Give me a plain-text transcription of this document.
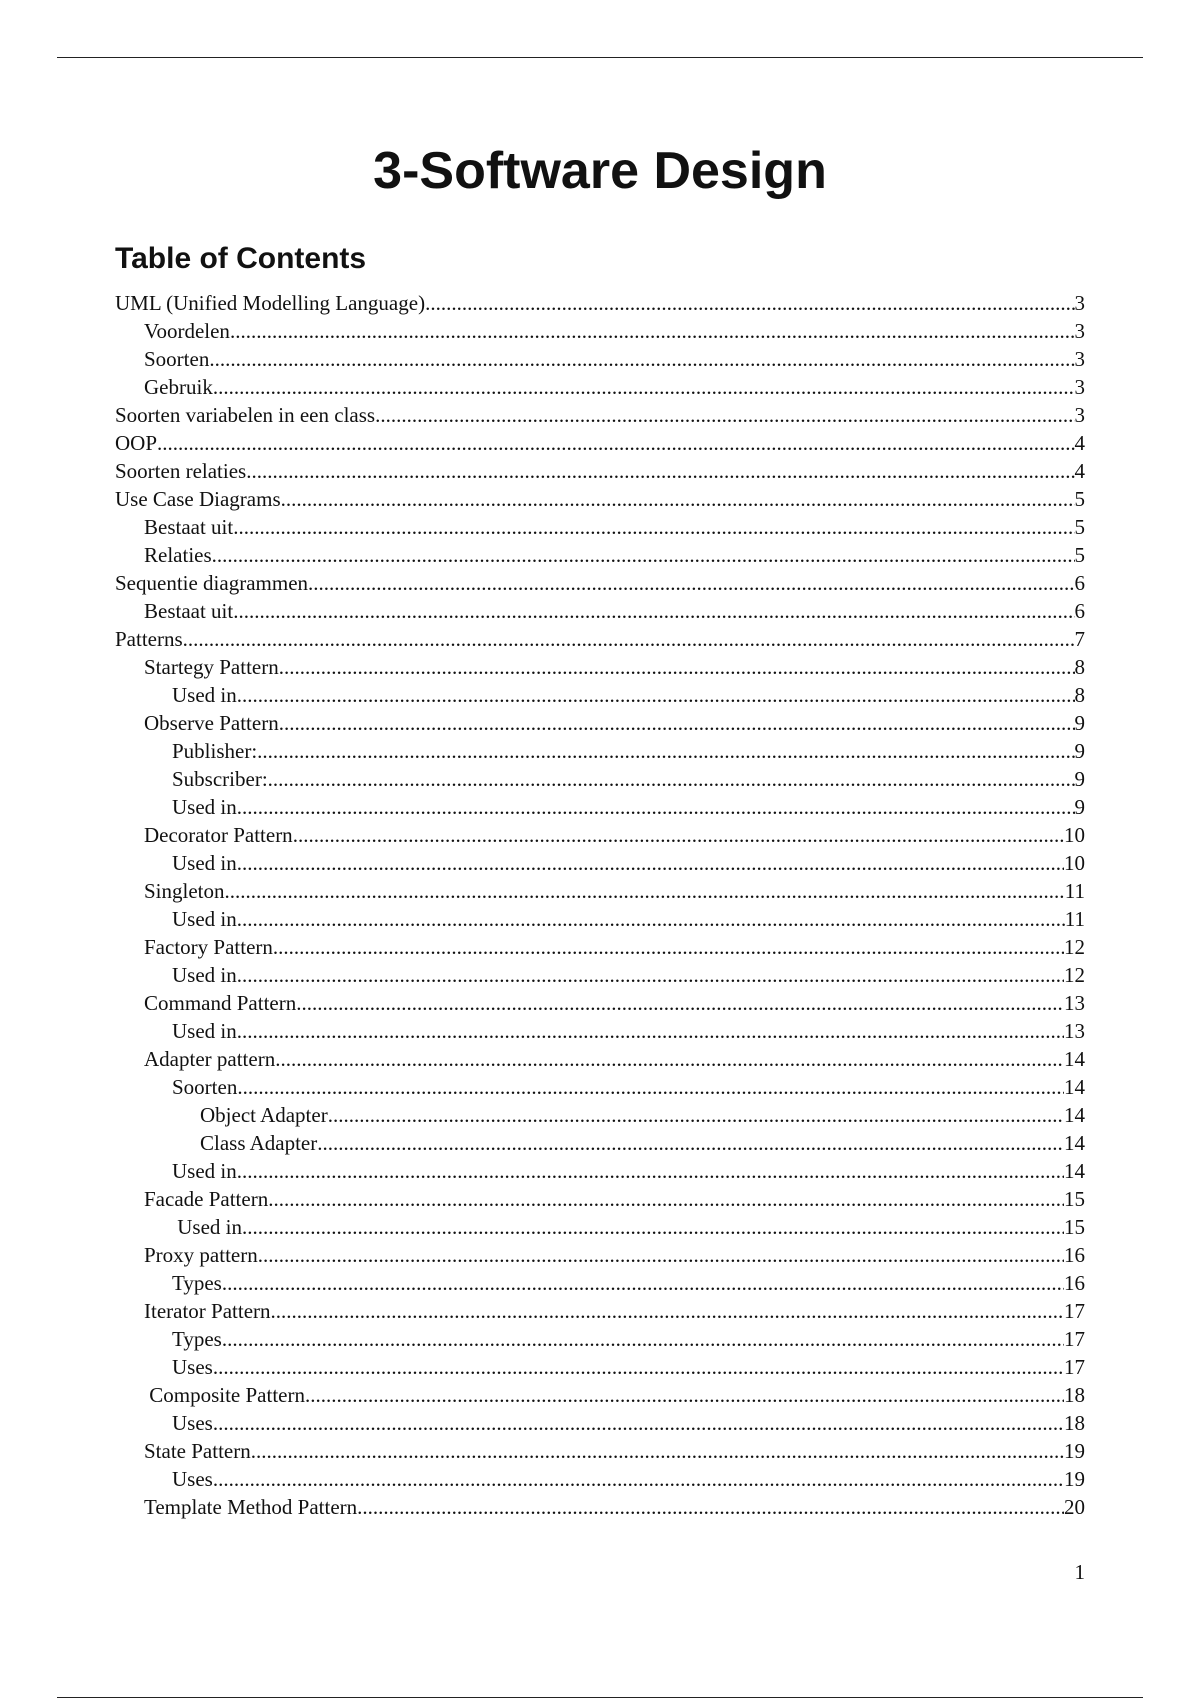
3-Software Design
Table of Contents
UML (Unified Modelling Language) .....	3
Voordelen .....	3
Soorten .....	3
Gebruik .....	3
Soorten variabelen in een class .....	3
OOP .....	4
Soorten relaties .....	4
Use Case Diagrams .....	5
Bestaat uit .....	5
Relaties .....	5
Sequentie diagrammen .....	6
Bestaat uit .....	6
Patterns .....	7
Startegy Pattern .....	8
Used in .....	8
Observe Pattern .....	9
Publisher: .....	9
Subscriber: .....	9
Used in .....	9
Decorator Pattern .....	10
Used in .....	10
Singleton .....	11
Used in .....	11
Factory Pattern .....	12
Used in .....	12
Command Pattern .....	13
Used in .....	13
Adapter pattern .....	14
Soorten .....	14
Object Adapter .....	14
Class Adapter .....	14
Used in .....	14
Facade Pattern .....	15
Used in .....	15
Proxy pattern .....	16
Types .....	16
Iterator Pattern .....	17
Types .....	17
Uses .....	17
Composite Pattern .....	18
Uses .....	18
State Pattern .....	19
Uses .....	19
Template Method Pattern .....	20
1
